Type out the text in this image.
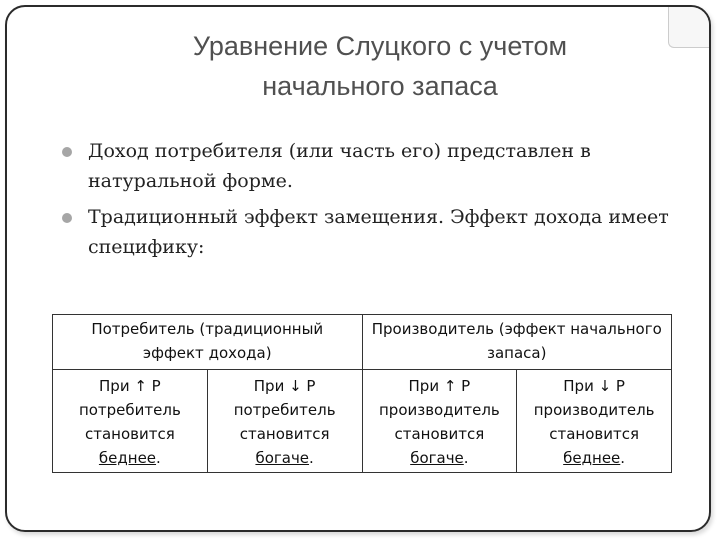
Уравнение Слуцкого с учетом
начального запаса
Доход потребителя (или часть его) представлен в натуральной форме.
Традиционный эффект замещения. Эффект дохода имеет специфику:
Потребитель (традиционный эффект дохода)		Производитель (эффект начального запаса)	
При ↑ P
потребитель
становится
беднее.	При ↓ P
потребитель
становится
богаче.	При ↑ P
производитель
становится
богаче.	При ↓ P
производитель
становится
беднее.
